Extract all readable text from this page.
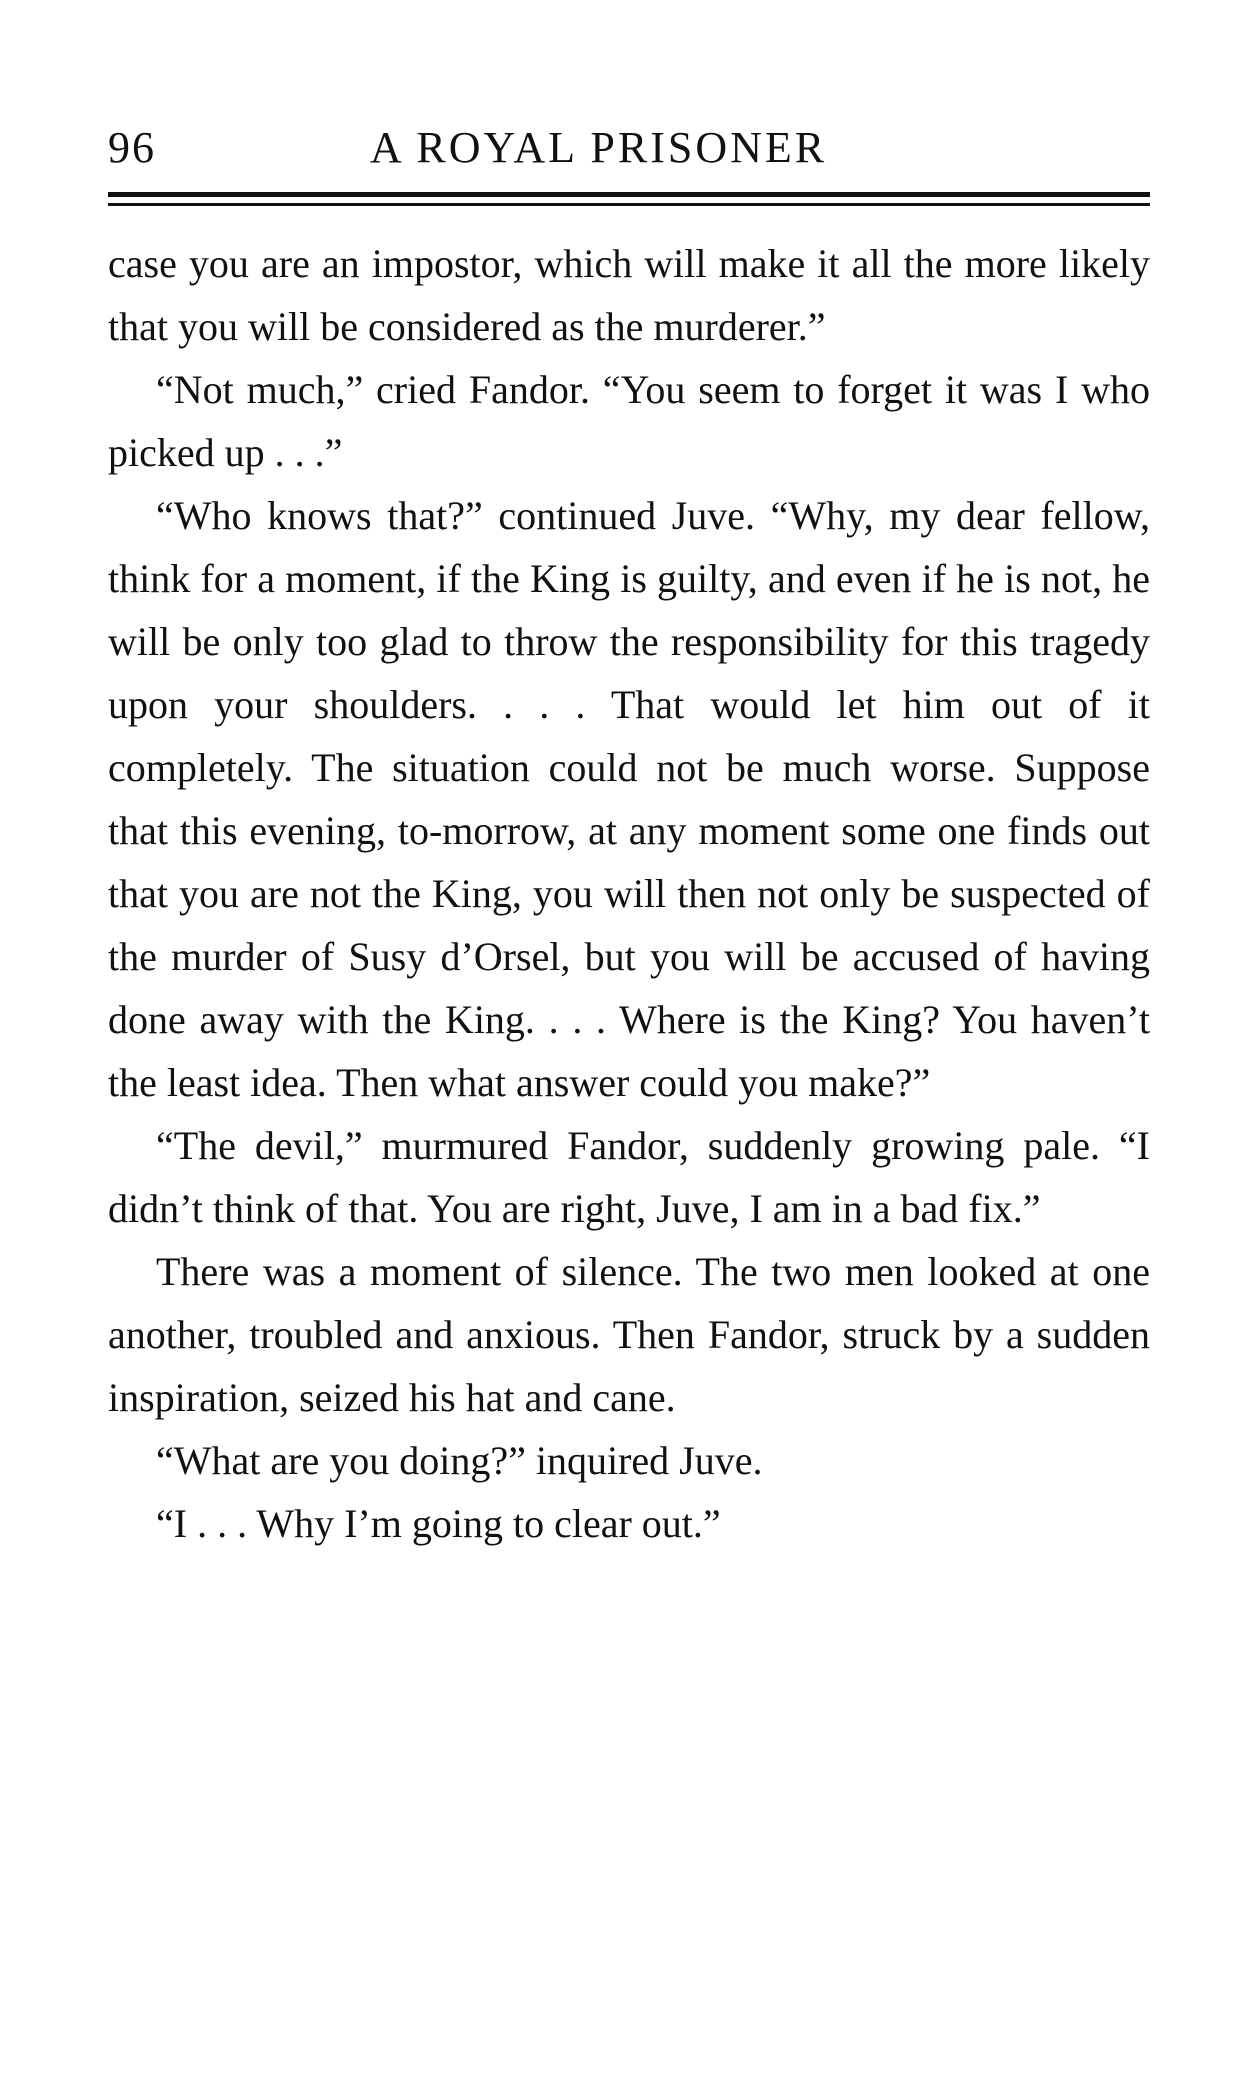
96	A ROYAL PRISONER

case you are an impostor, which will make it all the more likely that you will be considered as the murderer.”

“Not much,” cried Fandor. “You seem to forget it was I who picked up . . .”

“Who knows that?” continued Juve. “Why, my dear fellow, think for a moment, if the King is guilty, and even if he is not, he will be only too glad to throw the responsibility for this tragedy upon your shoulders. . . . That would let him out of it completely. The situation could not be much worse. Suppose that this evening, to-morrow, at any moment some one finds out that you are not the King, you will then not only be suspected of the murder of Susy d’Orsel, but you will be accused of having done away with the King. . . . Where is the King? You haven’t the least idea. Then what answer could you make?”

“The devil,” murmured Fandor, suddenly growing pale. “I didn’t think of that. You are right, Juve, I am in a bad fix.”

There was a moment of silence. The two men looked at one another, troubled and anxious. Then Fandor, struck by a sudden inspiration, seized his hat and cane.

“What are you doing?” inquired Juve.

“I . . . Why I’m going to clear out.”
